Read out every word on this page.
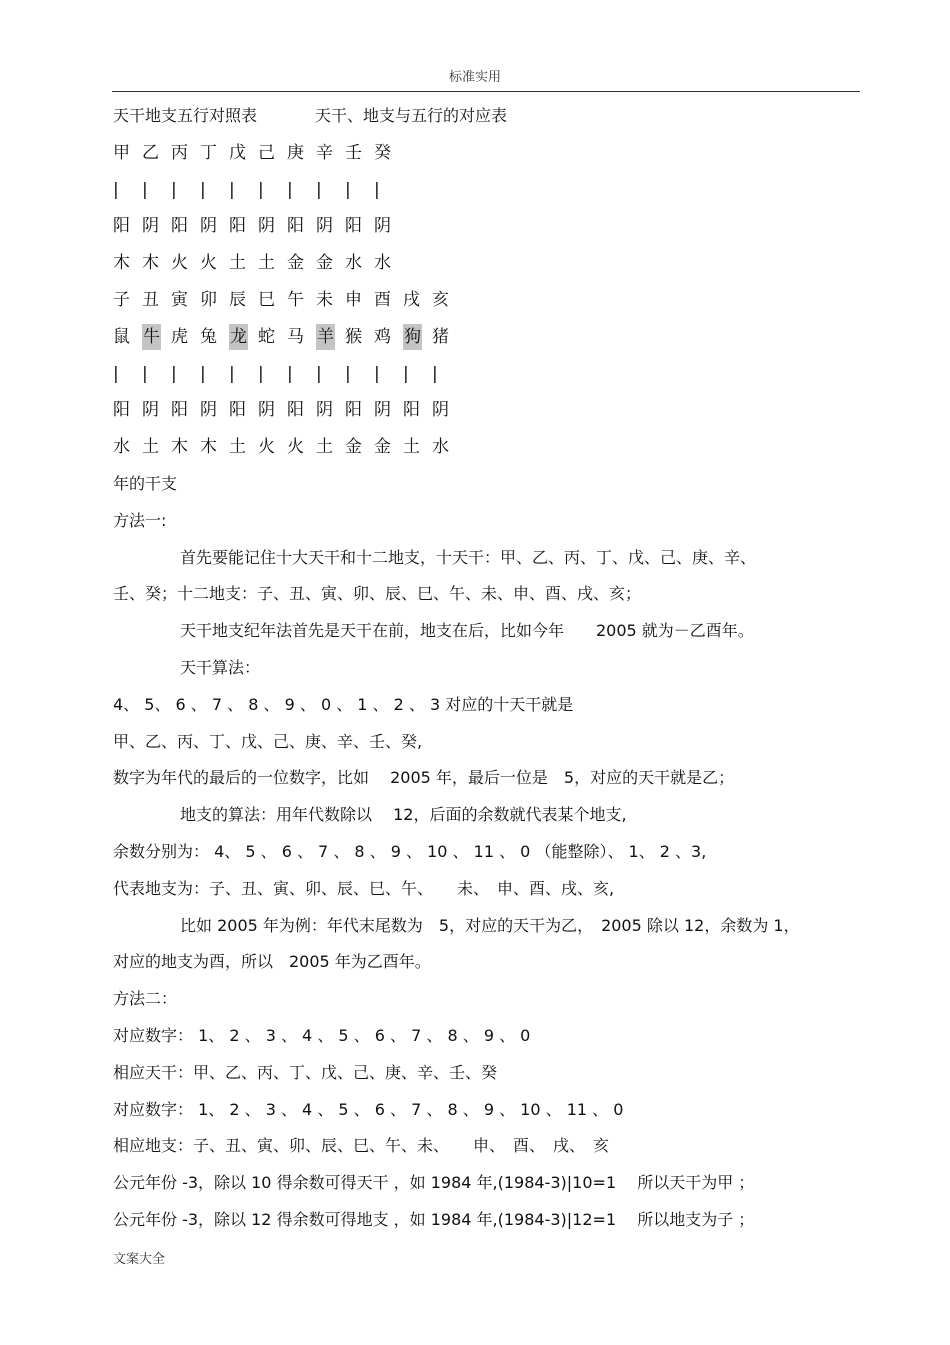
标准实用
天干地支五行对照表	天干、地支与五行的对应表
甲 乙 丙 丁 戊 己 庚 辛 壬 癸
|	|	|	|	|	|	|	|	|	|
阳 阴 阳 阴 阳 阴 阳 阴 阳 阴
木 木 火 火 土 土 金 金 水 水
子 丑 寅 卯 辰 巳 午 未 申 酉 戌 亥
鼠 牛 虎 兔 龙 蛇 马 羊 猴 鸡 狗 猪
|	|	|	|	|	|	|	|	|	|	|	|
阳 阴 阳 阴 阳 阴 阳 阴 阳 阴 阳 阴
水 土 木 木 土 火 火 土 金 金 土 水
年的干支
方法一:
首先要能记住十大天干和十二地支，十天干：甲、乙、丙、丁、戊、己、庚、辛、
壬、癸；十二地支：子、丑、寅、卯、辰、巳、午、未、申、酉、戌、亥；
天干地支纪年法首先是天干在前，地支在后，比如今年　　2005 就为－乙酉年。
天干算法：
4、 5、 6 、 7 、 8 、 9 、 0 、 1 、 2 、 3 对应的十天干就是
甲、乙、丙、丁、戊、己、庚、辛、壬、癸,
数字为年代的最后的一位数字，比如　 2005 年，最后一位是　5，对应的天干就是乙；
地支的算法：用年代数除以　 12，后面的余数就代表某个地支,
余数分别为： 4、 5 、 6 、 7 、 8 、 9 、 10 、 11 、 0 （能整除）、 1、 2 、3,
代表地支为：子、丑、寅、卯、辰、巳、午、　　未、　申、酉、戌、亥,
比如 2005 年为例：年代末尾数为　5，对应的天干为乙，　2005 除以 12，余数为 1，
对应的地支为酉，所以　2005 年为乙酉年。
方法二：
对应数字： 1、 2 、 3 、 4 、 5 、 6 、 7 、 8 、 9 、 0
相应天干：甲、乙、丙、丁、戊、己、庚、辛、壬、癸
对应数字： 1、 2 、 3 、 4 、 5 、 6 、 7 、 8 、 9 、 10 、 11 、 0
相应地支：子、丑、寅、卯、辰、巳、午、未、　　申、　酉、　戌、　亥
公元年份 -3，除以 10 得余数可得天干 ，如 1984 年,(1984-3)|10=1　 所以天干为甲 ；
公元年份 -3，除以 12 得余数可得地支 ，如 1984 年,(1984-3)|12=1　 所以地支为子 ；
文案大全
